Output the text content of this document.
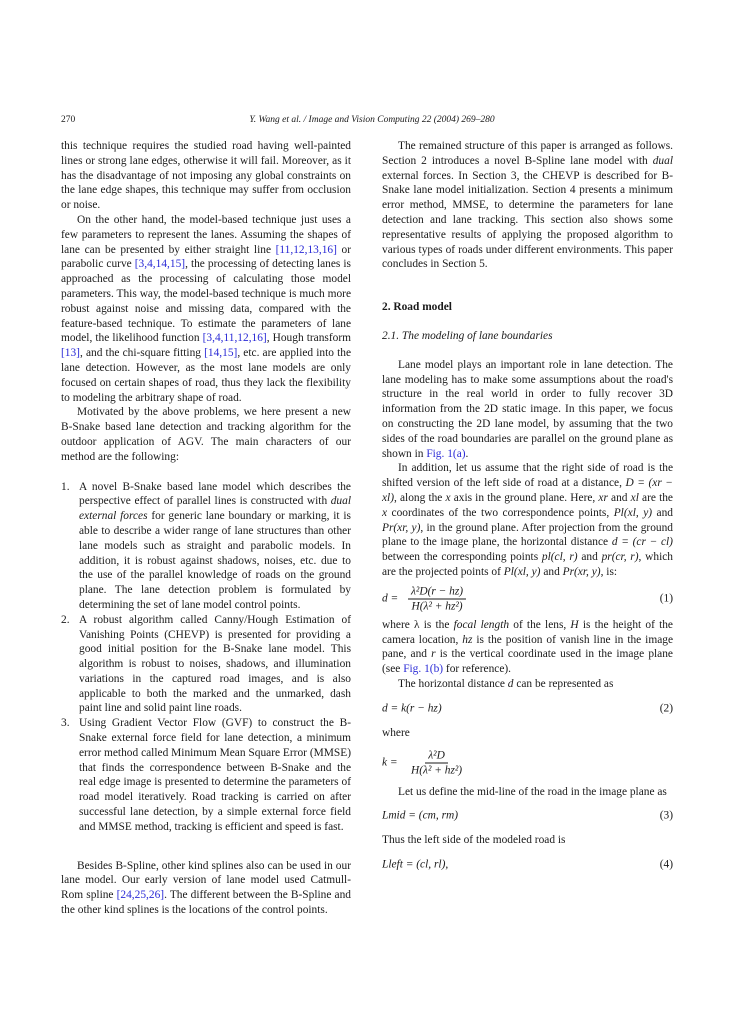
270	Y. Wang et al. / Image and Vision Computing 22 (2004) 269–280

this technique requires the studied road having well-painted lines or strong lane edges, otherwise it will fail. Moreover, as it has the disadvantage of not imposing any global constraints on the lane edge shapes, this technique may suffer from occlusion or noise.

On the other hand, the model-based technique just uses a few parameters to represent the lanes. Assuming the shapes of lane can be presented by either straight line [11,12,13,16] or parabolic curve [3,4,14,15], the processing of detecting lanes is approached as the processing of calculating those model parameters. This way, the model-based technique is much more robust against noise and missing data, compared with the feature-based technique. To estimate the parameters of lane model, the likelihood function [3,4,11,12,16], Hough transform [13], and the chi-square fitting [14,15], etc. are applied into the lane detection. However, as the most lane models are only focused on certain shapes of road, thus they lack the flexibility to modeling the arbitrary shape of road.

Motivated by the above problems, we here present a new B-Snake based lane detection and tracking algorithm for the outdoor application of AGV. The main characters of our method are the following:

1. A novel B-Snake based lane model which describes the perspective effect of parallel lines is constructed with dual external forces for generic lane boundary or marking, it is able to describe a wider range of lane structures than other lane models such as straight and parabolic models. In addition, it is robust against shadows, noises, etc. due to the use of the parallel knowledge of roads on the ground plane. The lane detection problem is formulated by determining the set of lane model control points.
2. A robust algorithm called Canny/Hough Estimation of Vanishing Points (CHEVP) is presented for providing a good initial position for the B-Snake lane model. This algorithm is robust to noises, shadows, and illumination variations in the captured road images, and is also applicable to both the marked and the unmarked, dash paint line and solid paint line roads.
3. Using Gradient Vector Flow (GVF) to construct the B-Snake external force field for lane detection, a minimum error method called Minimum Mean Square Error (MMSE) that finds the correspondence between B-Snake and the real edge image is presented to determine the parameters of road model iteratively. Road tracking is carried on after successful lane detection, by a simple external force field and MMSE method, tracking is efficient and speed is fast.

Besides B-Spline, other kind splines also can be used in our lane model. Our early version of lane model used Catmull-Rom spline [24,25,26]. The different between the B-Spline and the other kind splines is the locations of the control points.

The remained structure of this paper is arranged as follows. Section 2 introduces a novel B-Spline lane model with dual external forces. In Section 3, the CHEVP is described for B-Snake lane model initialization. Section 4 presents a minimum error method, MMSE, to determine the parameters for lane detection and lane tracking. This section also shows some representative results of applying the proposed algorithm to various types of roads under different environments. This paper concludes in Section 5.

2. Road model

2.1. The modeling of lane boundaries

Lane model plays an important role in lane detection. The lane modeling has to make some assumptions about the road's structure in the real world in order to fully recover 3D information from the 2D static image. In this paper, we focus on constructing the 2D lane model, by assuming that the two sides of the road boundaries are parallel on the ground plane as shown in Fig. 1(a).

In addition, let us assume that the right side of road is the shifted version of the left side of road at a distance, D = (xr − xl), along the x axis in the ground plane. Here, xr and xl are the x coordinates of the two correspondence points, Pl(xl, y) and Pr(xr, y), in the ground plane. After projection from the ground plane to the image plane, the horizontal distance d = (cr − cl) between the corresponding points pl(cl, r) and pr(cr, r), which are the projected points of Pl(xl, y) and Pr(xr, y), is:

$d = \frac{\text{λ²D(r − hz)}}{\text{H(λ² + hz²)}}$	(1)

where λ is the focal length of the lens, H is the height of the camera location, hz is the position of vanish line in the image pane, and r is the vertical coordinate used in the image plane (see Fig. 1(b) for reference).

The horizontal distance d can be represented as

d = k(r − hz)	(2)

where

$k = \frac{\text{λ²D}}{\text{H(λ² + hz²)}}$

Let us define the mid-line of the road in the image plane as

Lmid = (cm, rm)	(3)

Thus the left side of the modeled road is

Lleft = (cl, rl),	(4)
